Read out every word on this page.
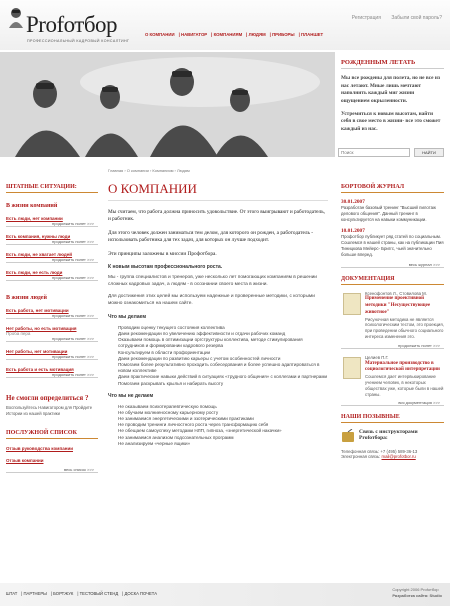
Profотбор
ПРОФЕССИОНАЛЬНЫЙ КАДРОВЫЙ КОНСАЛТИНГ
Регистрация Забыли свой пароль?
О КОМПАНИИ | НАВИГАТОР | КОМПАНИЯМ | ЛЮДЯМ | ПРИБОРЫ | ПЛАНШЕТ
РОЖДЕННЫМ ЛЕТАТЬ

Мы все рождены для полета, но не все из нас летают. Мные лишь мечтают наполнить каждый миг жизни ощущением окрыленности.

Устремиться к новым высотам, найти себя в свое место в жизни- все это сможет каждый из нас.

Поиск
НАЙТИ
ШТАТНЫЕ СИТУАЦИИ:
В жизни компаний
Есть люди, нет компании
продолжить полет >>>
Есть компания, нужны люди
продолжить полет >>>
Есть люди, не хватает людей
продолжить полет >>>
Есть люди, не есть люди
продолжить полет >>>
В жизни людей
Есть работа, нет мотивации
продолжить полет >>>
Нет работы, но есть мотивация
Проба пера
продолжить полет >>>
Нет работы, нет мотивации
продолжить полет >>>
Есть работа и есть мотивация
продолжить полет >>>
Не смогли определиться ?
Воспользуйтесь Навигатором для Пройдите Истории из нашей практики
ПОСЛУЖНОЙ СПИСОК
Отзыв руководства компании
Отзыв компании
весь список >>>
Главная › О компании › Компаниям › Людям
О КОМПАНИИ

Мы считаем, что работа должна приносить удовольствие. От этого выигрывают и работодатель, и работник.

Для этого человек должен заниматься тем делом, для которого он рожден, а работодатель - использовать работника для тех задач, для которых он лучше подходит.

Эти принципы заложены в миссии Профотбора.

К новым высотам профессионального роста.

Мы - группа специалистов и тренеров, уже несколько лет помогающих компаниям в решении сложных кадровых задач, а людям - в осознании своего места в жизни.

Для достижения этих целей мы используем надежные и проверенные методики, с которыми можно ознакомиться на нашем сайте.

Что мы делаем
Проводим оценку текущего состояния коллектива
Даем рекомендации по увеличению эффективности и отдачи рабочих команд
Оказываем помощь в оптимизации оргструктуры коллектива, методе стимулирования сотрудников и формировании кадрового резерва
Консультируем в области профориентации
Даем рекомендации по развитию карьеры с учетом особенностей личности
Помогаем более результативно проходить собеседования и более успешно адаптироваться в новом коллективе
Даем практические навыки действий в ситуациях «трудного общения» с коллегами и партнерами
Помогаем раскрывать крылья и набирать высоту
Что мы не делаем
Не оказываем психотерапевтическую помощь
Не обучаем молниеносному карьерному росту
Не занимаемся энергетическими и эзотерическими практиками
Не проводим тренинги личностного роста через трансформацию себя
Не обещаем самоуспеху методами НЛП, гипноза, «энергетической накачки»
Не занимаемся анализом подсознательных программ
Не анализируем «черные ящики»
БОРТОВОЙ ЖУРНАЛ
30.01.2007
Разработан базовый тренинг "Высший пилотаж делового общения". Данный тренинг в консультируется на навыки коммуникации.
10.01.2007
Профотбор публикует ряд статей по социальным. Сошлемся в нашей страны, как на публикации Пия Тиницкова Мейерс- Бриггс, чьей значительно больше вперед.
весь журнал >>>
ДОКУМЕНТАЦИЯ
Ксенофонтов Л., Стовилова М.
Применение проективной методики "Несуществующее животное"
Рисуночная методика не является психологическим тестом, это проекция, при проведении обычного социального интереса изменения это.
продолжить полет >>>
Целиев П.Г.
Материальное производство в социологической интерпретации
Сошлемся дает интервьюирование учением человек, в некоторых обществах уже, которые были в нашей страны.
вся документация >>>
НАШИ ПОЗЫВНЫЕ
Связь с инструкторами Profотбора:
Телефонная связь: +7 (495) 589-36-13
Электронная связь: mail@profotbor.ru
ШТАТ | ПАРТНЕРЫ | БОРТЖУК | ТЕСТОВЫЙ СТЕНД | ДОСКА ПОЧЕТА
Copyright 2006 Profотбор
Разработка сайта: Studio
